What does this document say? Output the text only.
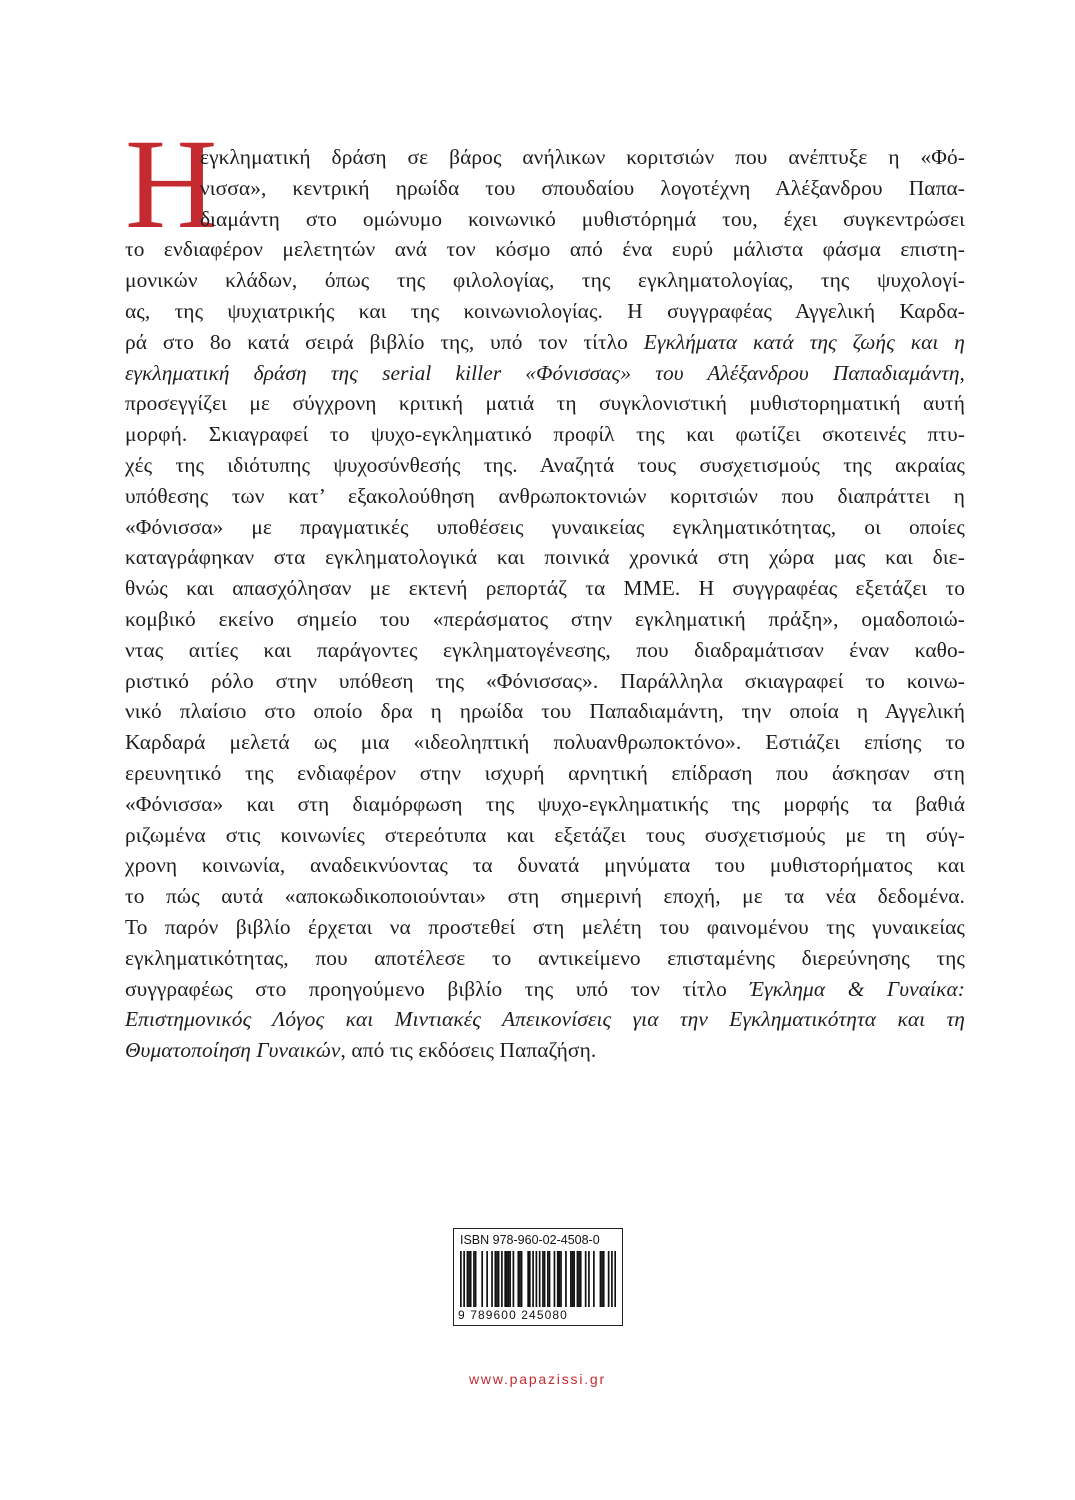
Η
εγκληματική δράση σε βάρος ανήλικων κοριτσιών που ανέπτυξε η «Φό-
νισσα», κεντρική ηρωίδα του σπουδαίου λογοτέχνη Αλέξανδρου Παπα-
διαμάντη στο ομώνυμο κοινωνικό μυθιστόρημά του, έχει συγκεντρώσει
το ενδιαφέρον μελετητών ανά τον κόσμο από ένα ευρύ μάλιστα φάσμα επιστη-
μονικών κλάδων, όπως της φιλολογίας, της εγκληματολογίας, της ψυχολογί-
ας, της ψυχιατρικής και της κοινωνιολογίας. Η συγγραφέας Αγγελική Καρδα-
ρά στο 8ο κατά σειρά βιβλίο της, υπό τον τίτλο Εγκλήματα κατά της ζωής και η
εγκληματική δράση της serial killer «Φόνισσας» του Αλέξανδρου Παπαδιαμάντη,
προσεγγίζει με σύγχρονη κριτική ματιά τη συγκλονιστική μυθιστορηματική αυτή
μορφή. Σκιαγραφεί το ψυχο-εγκληματικό προφίλ της και φωτίζει σκοτεινές πτυ-
χές της ιδιότυπης ψυχοσύνθεσής της. Αναζητά τους συσχετισμούς της ακραίας
υπόθεσης των κατ’ εξακολούθηση ανθρωποκτονιών κοριτσιών που διαπράττει η
«Φόνισσα» με πραγματικές υποθέσεις γυναικείας εγκληματικότητας, οι οποίες
καταγράφηκαν στα εγκληματολογικά και ποινικά χρονικά στη χώρα μας και διε-
θνώς και απασχόλησαν με εκτενή ρεπορτάζ τα ΜΜΕ. Η συγγραφέας εξετάζει το
κομβικό εκείνο σημείο του «περάσματος στην εγκληματική πράξη», ομαδοποιώ-
ντας αιτίες και παράγοντες εγκληματογένεσης, που διαδραμάτισαν έναν καθο-
ριστικό ρόλο στην υπόθεση της «Φόνισσας». Παράλληλα σκιαγραφεί το κοινω-
νικό πλαίσιο στο οποίο δρα η ηρωίδα του Παπαδιαμάντη, την οποία η Αγγελική
Καρδαρά μελετά ως μια «ιδεοληπτική πολυανθρωποκτόνο». Εστιάζει επίσης το
ερευνητικό της ενδιαφέρον στην ισχυρή αρνητική επίδραση που άσκησαν στη
«Φόνισσα» και στη διαμόρφωση της ψυχο-εγκληματικής της μορφής τα βαθιά
ριζωμένα στις κοινωνίες στερεότυπα και εξετάζει τους συσχετισμούς με τη σύγ-
χρονη κοινωνία, αναδεικνύοντας τα δυνατά μηνύματα του μυθιστορήματος και
το πώς αυτά «αποκωδικοποιούνται» στη σημερινή εποχή, με τα νέα δεδομένα.
Το παρόν βιβλίο έρχεται να προστεθεί στη μελέτη του φαινομένου της γυναικείας
εγκληματικότητας, που αποτέλεσε το αντικείμενο επισταμένης διερεύνησης της
συγγραφέως στο προηγούμενο βιβλίο της υπό τον τίτλο Έγκλημα & Γυναίκα:
Επιστημονικός Λόγος και Μιντιακές Απεικονίσεις για την Εγκληματικότητα και τη
Θυματοποίηση Γυναικών, από τις εκδόσεις Παπαζήση.
ISBN 978-960-02-4508-0
9 789600 245080
www.papazissi.gr
